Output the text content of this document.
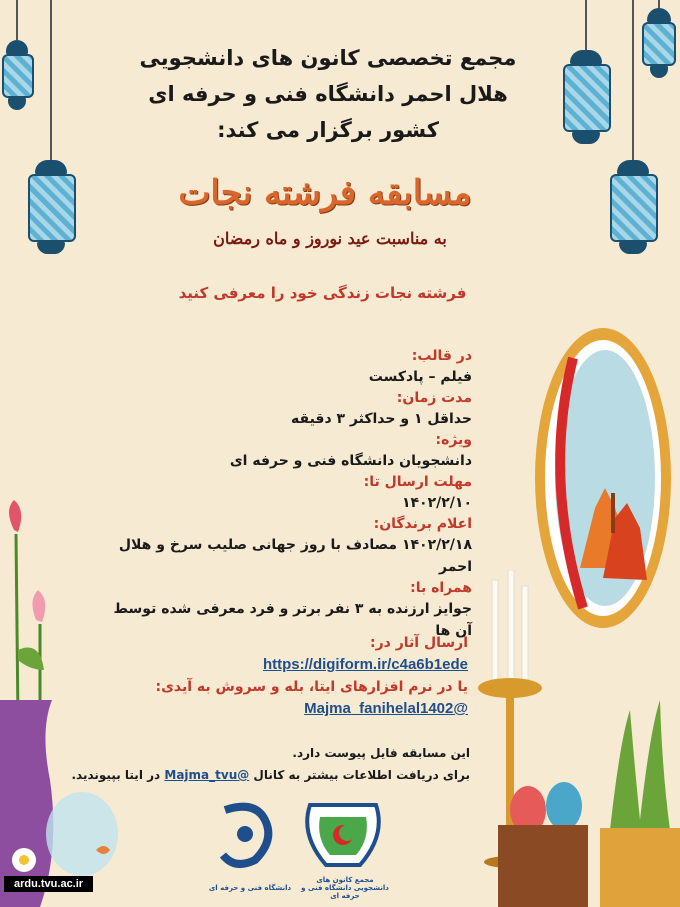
مجمع تخصصی کانون های دانشجویی
هلال احمر دانشگاه فنی و حرفه ای
کشور برگزار می کند:
مسابقه فرشته نجات
به مناسبت عید نوروز و ماه رمضان
فرشته نجات زندگی خود را معرفی کنید
در قالب:
فیلم – پادکست
مدت زمان:
حداقل ۱ و حداکثر ۳ دقیقه
ویژه:
دانشجویان دانشگاه فنی و حرفه ای
مهلت ارسال تا:
۱۴۰۲/۲/۱۰
اعلام برندگان:
۱۴۰۲/۲/۱۸ مصادف با روز جهانی صلیب سرخ و هلال احمر
همراه با:
جوایز ارزنده به ۳ نفر برتر و فرد معرفی شده توسط آن ها
ارسال آثار در:
https://digiform.ir/c4a6b1ede
یا در نرم افزارهای ایتا، بله و سروش به آیدی:
@Majma_fanihelal1402
این مسابقه فایل پیوست دارد.
برای دریافت اطلاعات بیشتر به کانال @Majma_tvu در ایتا بپیوندید.
دانشگاه فنی و حرفه ای
مجمع کانون های دانشجویی دانشگاه فنی و حرفه ای
ardu.tvu.ac.ir
